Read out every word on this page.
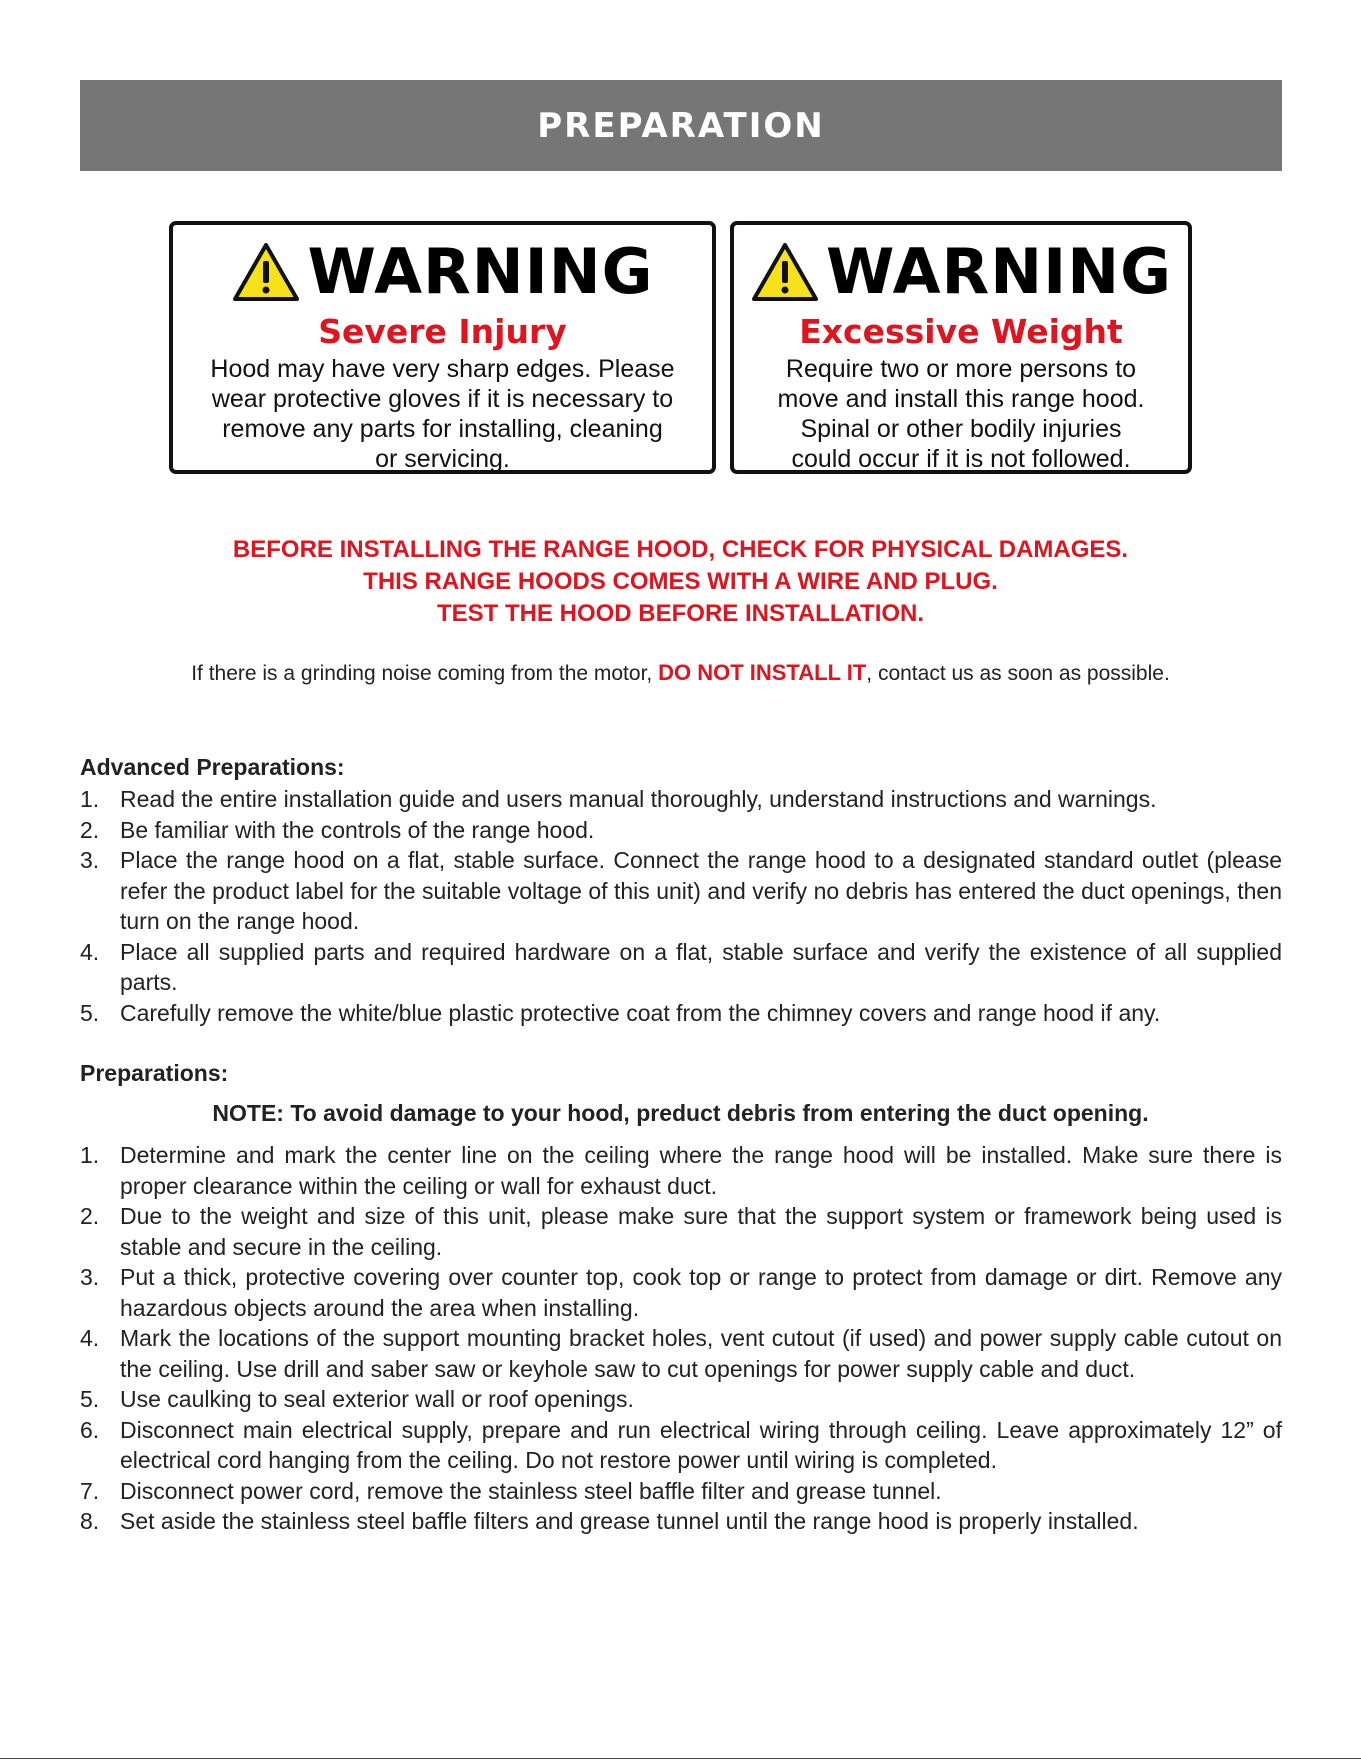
PREPARATION
WARNING
Severe Injury
Hood may have very sharp edges. Please
wear protective gloves if it is necessary to
remove any parts for installing, cleaning
or servicing.
WARNING
Excessive Weight
Require two or more persons to
move and install this range hood.
Spinal or other bodily injuries
could occur if it is not followed.
BEFORE INSTALLING THE RANGE HOOD, CHECK FOR PHYSICAL DAMAGES.
THIS RANGE HOODS COMES WITH A WIRE AND PLUG.
TEST THE HOOD BEFORE INSTALLATION.
If there is a grinding noise coming from the motor, DO NOT INSTALL IT, contact us as soon as possible.
Advanced Preparations:
1. Read the entire installation guide and users manual thoroughly, understand instructions and warnings.
2. Be familiar with the controls of the range hood.
3. Place the range hood on a flat, stable surface. Connect the range hood to a designated standard outlet (please refer the product label for the suitable voltage of this unit) and verify no debris has entered the duct openings, then turn on the range hood.
4. Place all supplied parts and required hardware on a flat, stable surface and verify the existence of all supplied parts.
5. Carefully remove the white/blue plastic protective coat from the chimney covers and range hood if any.
Preparations:
NOTE: To avoid damage to your hood, preduct debris from entering the duct opening.
1. Determine and mark the center line on the ceiling where the range hood will be installed. Make sure there is proper clearance within the ceiling or wall for exhaust duct.
2. Due to the weight and size of this unit, please make sure that the support system or framework being used is stable and secure in the ceiling.
3. Put a thick, protective covering over counter top, cook top or range to protect from damage or dirt. Remove any hazardous objects around the area when installing.
4. Mark the locations of the support mounting bracket holes, vent cutout (if used) and power supply cable cutout on the ceiling. Use drill and saber saw or keyhole saw to cut openings for power supply cable and duct.
5. Use caulking to seal exterior wall or roof openings.
6. Disconnect main electrical supply, prepare and run electrical wiring through ceiling. Leave approximately 12” of electrical cord hanging from the ceiling. Do not restore power until wiring is completed.
7. Disconnect power cord, remove the stainless steel baffle filter and grease tunnel.
8. Set aside the stainless steel baffle filters and grease tunnel until the range hood is properly installed.
